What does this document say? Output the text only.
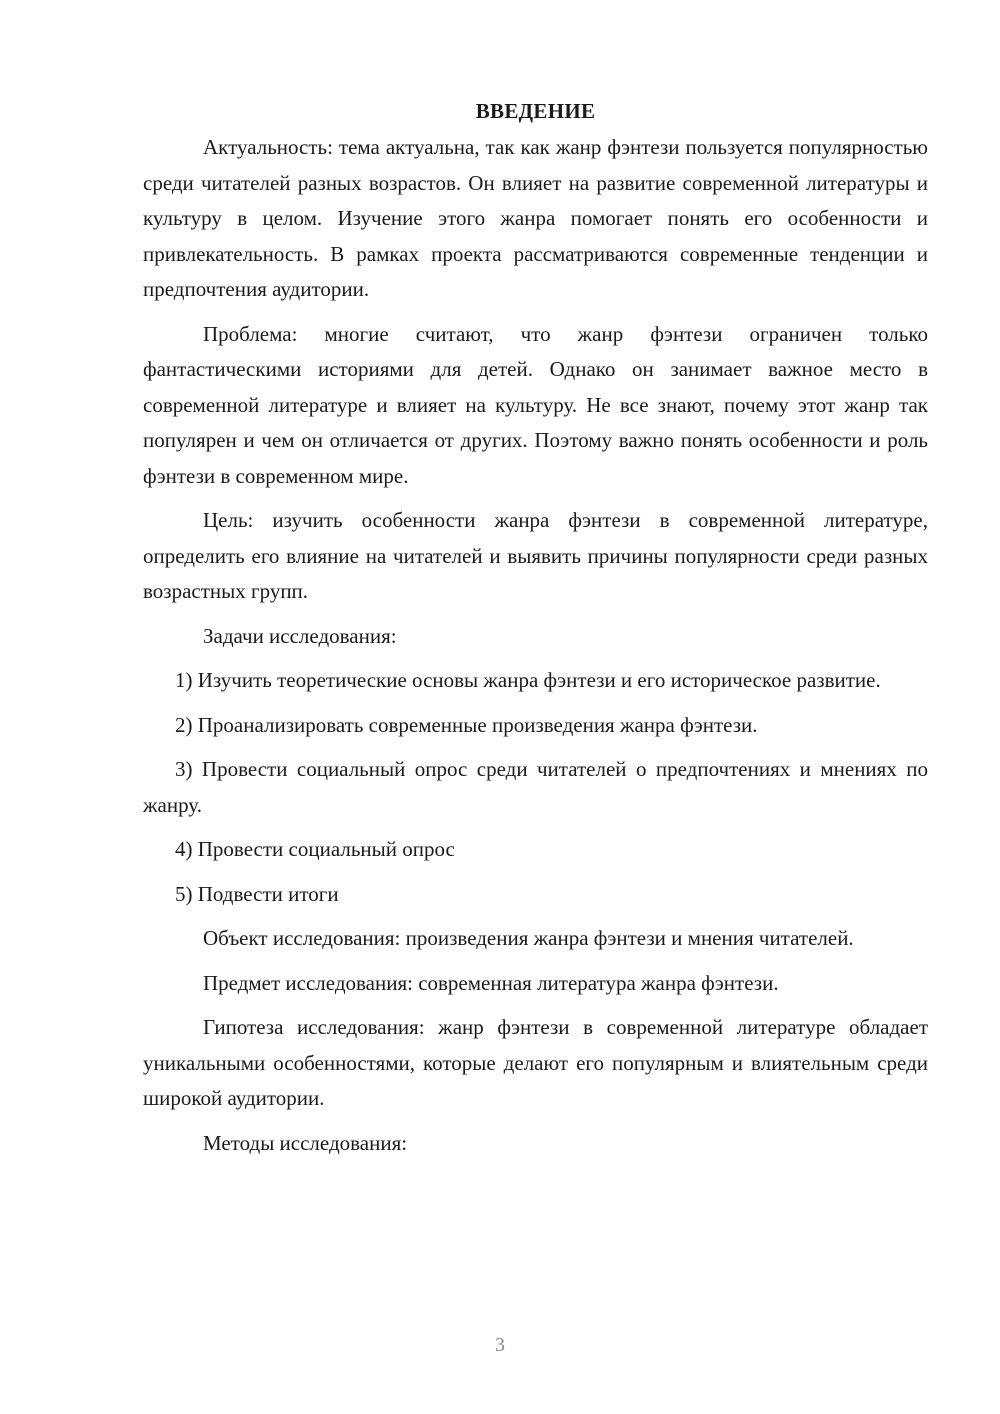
ВВЕДЕНИЕ

Актуальность: тема актуальна, так как жанр фэнтези пользуется популярностью среди читателей разных возрастов. Он влияет на развитие современной литературы и культуру в целом. Изучение этого жанра помогает понять его особенности и привлекательность. В рамках проекта рассматриваются современные тенденции и предпочтения аудитории.

Проблема: многие считают, что жанр фэнтези ограничен только фантастическими историями для детей. Однако он занимает важное место в современной литературе и влияет на культуру. Не все знают, почему этот жанр так популярен и чем он отличается от других. Поэтому важно понять особенности и роль фэнтези в современном мире.

Цель: изучить особенности жанра фэнтези в современной литературе, определить его влияние на читателей и выявить причины популярности среди разных возрастных групп.

Задачи исследования:

1) Изучить теоретические основы жанра фэнтези и его историческое развитие.

2) Проанализировать современные произведения жанра фэнтези.

3) Провести социальный опрос среди читателей о предпочтениях и мнениях по жанру.

4) Провести социальный опрос

5) Подвести итоги

Объект исследования: произведения жанра фэнтези и мнения читателей.

Предмет исследования: современная литература жанра фэнтези.

Гипотеза исследования: жанр фэнтези в современной литературе обладает уникальными особенностями, которые делают его популярным и влиятельным среди широкой аудитории.

Методы исследования:

3
